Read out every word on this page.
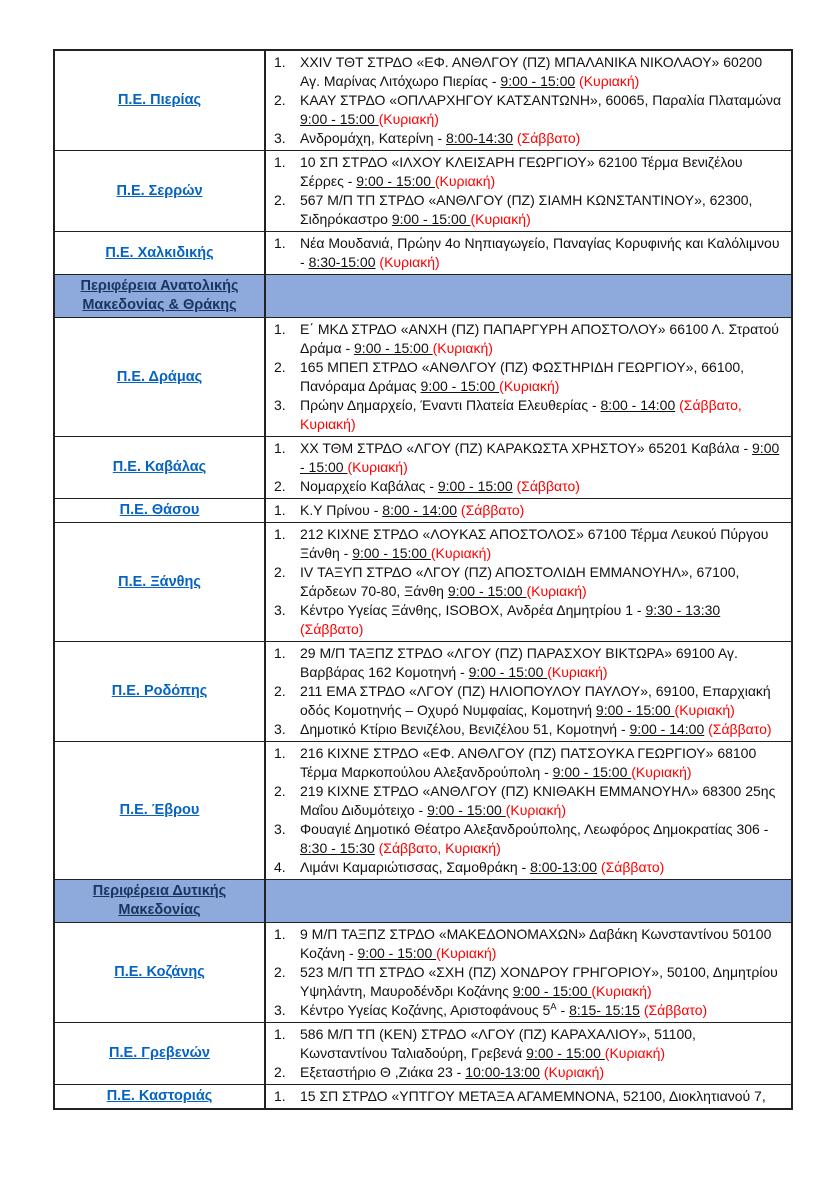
Π.Ε. Πιερίας
1.	XXIV ΤΘΤ ΣΤΡΔΟ «ΕΦ. ΑΝΘΛΓΟΥ (ΠΖ) ΜΠΑΛΑΝΙΚΑ ΝΙΚΟΛΑΟΥ» 60200 Αγ. Μαρίνας Λιτόχωρο Πιερίας - 9:00 - 15:00 (Κυριακή)
2.	ΚΑΑΥ ΣΤΡΔΟ «ΟΠΛΑΡΧΗΓΟΥ ΚΑΤΣΑΝΤΩΝΗ», 60065, Παραλία Πλαταμώνα 9:00 - 15:00 (Κυριακή)
3.	Ανδρομάχη, Κατερίνη - 8:00-14:30 (Σάββατο)
Π.Ε. Σερρών
1.	10 ΣΠ ΣΤΡΔΟ «ΙΛΧΟΥ ΚΛΕΙΣΑΡΗ ΓΕΩΡΓΙΟΥ» 62100 Τέρμα Βενιζέλου Σέρρες - 9:00 - 15:00 (Κυριακή)
2.	567 Μ/Π ΤΠ ΣΤΡΔΟ «ΑΝΘΛΓΟΥ (ΠΖ) ΣΙΑΜΗ ΚΩΝΣΤΑΝΤΙΝΟΥ», 62300, Σιδηρόκαστρο 9:00 - 15:00 (Κυριακή)
Π.Ε. Χαλκιδικής
1.	Νέα Μουδανιά, Πρώην 4ο Νηπιαγωγείο, Παναγίας Κορυφινής και Καλόλιμνου - 8:30-15:00 (Κυριακή)
Περιφέρεια Ανατολικής Μακεδονίας & Θράκης
Π.Ε. Δράμας
1.	Ε΄ ΜΚΔ ΣΤΡΔΟ «ΑΝΧΗ (ΠΖ) ΠΑΠΑΡΓΥΡΗ ΑΠΟΣΤΟΛΟΥ» 66100 Λ. Στρατού Δράμα - 9:00 - 15:00 (Κυριακή)
2.	165 ΜΠΕΠ ΣΤΡΔΟ «ΑΝΘΛΓΟΥ (ΠΖ) ΦΩΣΤΗΡΙΔΗ ΓΕΩΡΓΙΟΥ», 66100, Πανόραμα Δράμας 9:00 - 15:00 (Κυριακή)
3.	Πρώην Δημαρχείο, Έναντι Πλατεία Ελευθερίας - 8:00 - 14:00 (Σάββατο, Κυριακή)
Π.Ε. Καβάλας
1.	ΧΧ ΤΘΜ ΣΤΡΔΟ «ΛΓΟΥ (ΠΖ) ΚΑΡΑΚΩΣΤΑ ΧΡΗΣΤΟΥ» 65201 Καβάλα - 9:00 - 15:00 (Κυριακή)
2.	Νομαρχείο Καβάλας - 9:00 - 15:00 (Σάββατο)
Π.Ε. Θάσου	1.	Κ.Υ Πρίνου - 8:00 - 14:00 (Σάββατο)
Π.Ε. Ξάνθης
1.	212 ΚΙΧΝΕ ΣΤΡΔΟ «ΛΟΥΚΑΣ ΑΠΟΣΤΟΛΟΣ» 67100 Τέρμα Λευκού Πύργου Ξάνθη - 9:00 - 15:00 (Κυριακή)
2.	IV ΤΑΞΥΠ ΣΤΡΔΟ «ΛΓΟΥ (ΠΖ) ΑΠΟΣΤΟΛΙΔΗ ΕΜΜΑΝΟΥΗΛ», 67100, Σάρδεων 70-80, Ξάνθη 9:00 - 15:00 (Κυριακή)
3.	Κέντρο Υγείας Ξάνθης, ISOBOX, Ανδρέα Δημητρίου 1 - 9:30 - 13:30 (Σάββατο)
Π.Ε. Ροδόπης
1.	29 Μ/Π ΤΑΞΠΖ ΣΤΡΔΟ «ΛΓΟΥ (ΠΖ) ΠΑΡΑΣΧΟΥ ΒΙΚΤΩΡΑ» 69100 Αγ. Βαρβάρας 162 Κομοτηνή - 9:00 - 15:00 (Κυριακή)
2.	211 ΕΜΑ ΣΤΡΔΟ «ΛΓΟΥ (ΠΖ) ΗΛΙΟΠΟΥΛΟΥ ΠΑΥΛΟΥ», 69100, Επαρχιακή οδός Κομοτηνής – Οχυρό Νυμφαίας, Κομοτηνή 9:00 - 15:00 (Κυριακή)
3.	Δημοτικό Κτίριο Βενιζέλου, Βενιζέλου 51, Κομοτηνή - 9:00 - 14:00 (Σάββατο)
Π.Ε. Έβρου
1.	216 ΚΙΧΝΕ ΣΤΡΔΟ «ΕΦ. ΑΝΘΛΓΟΥ (ΠΖ) ΠΑΤΣΟΥΚΑ ΓΕΩΡΓΙΟΥ» 68100 Τέρμα Μαρκοπούλου Αλεξανδρούπολη - 9:00 - 15:00 (Κυριακή)
2.	219 ΚΙΧΝΕ ΣΤΡΔΟ «ΑΝΘΛΓΟΥ (ΠΖ) ΚΝΙΘΑΚΗ ΕΜΜΑΝΟΥΗΛ» 68300 25ης Μαΐου Διδυμότειχο - 9:00 - 15:00 (Κυριακή)
3.	Φουαγιέ Δημοτικό Θέατρο Αλεξανδρούπολης, Λεωφόρος Δημοκρατίας 306 - 8:30 - 15:30 (Σάββατο, Κυριακή)
4.	Λιμάνι Καμαριώτισσας, Σαμοθράκη - 8:00-13:00 (Σάββατο)
Περιφέρεια Δυτικής Μακεδονίας
Π.Ε. Κοζάνης
1.	9 Μ/Π ΤΑΞΠΖ ΣΤΡΔΟ «ΜΑΚΕΔΟΝΟΜΑΧΩΝ» Δαβάκη Κωνσταντίνου 50100 Κοζάνη - 9:00 - 15:00 (Κυριακή)
2.	523 Μ/Π ΤΠ ΣΤΡΔΟ «ΣΧΗ (ΠΖ) ΧΟΝΔΡΟΥ ΓΡΗΓΟΡΙΟΥ», 50100, Δημητρίου Υψηλάντη, Μαυροδένδρι Κοζάνης 9:00 - 15:00 (Κυριακή)
3.	Κέντρο Υγείας Κοζάνης, Αριστοφάνους $5^A$ - 8:15- 15:15 (Σάββατο)
Π.Ε. Γρεβενών
1.	586 Μ/Π ΤΠ (ΚΕΝ) ΣΤΡΔΟ «ΛΓΟΥ (ΠΖ) ΚΑΡΑΧΑΛΙΟΥ», 51100, Κωνσταντίνου Ταλιαδούρη, Γρεβενά 9:00 - 15:00 (Κυριακή)
2.	Εξεταστήριο Θ ,Ζιάκα 23 - 10:00-13:00 (Κυριακή)
Π.Ε. Καστοριάς	1.	15 ΣΠ ΣΤΡΔΟ «ΥΠΤΓΟΥ ΜΕΤΑΞΑ ΑΓΑΜΕΜΝΟΝΑ, 52100, Διοκλητιανού 7,
